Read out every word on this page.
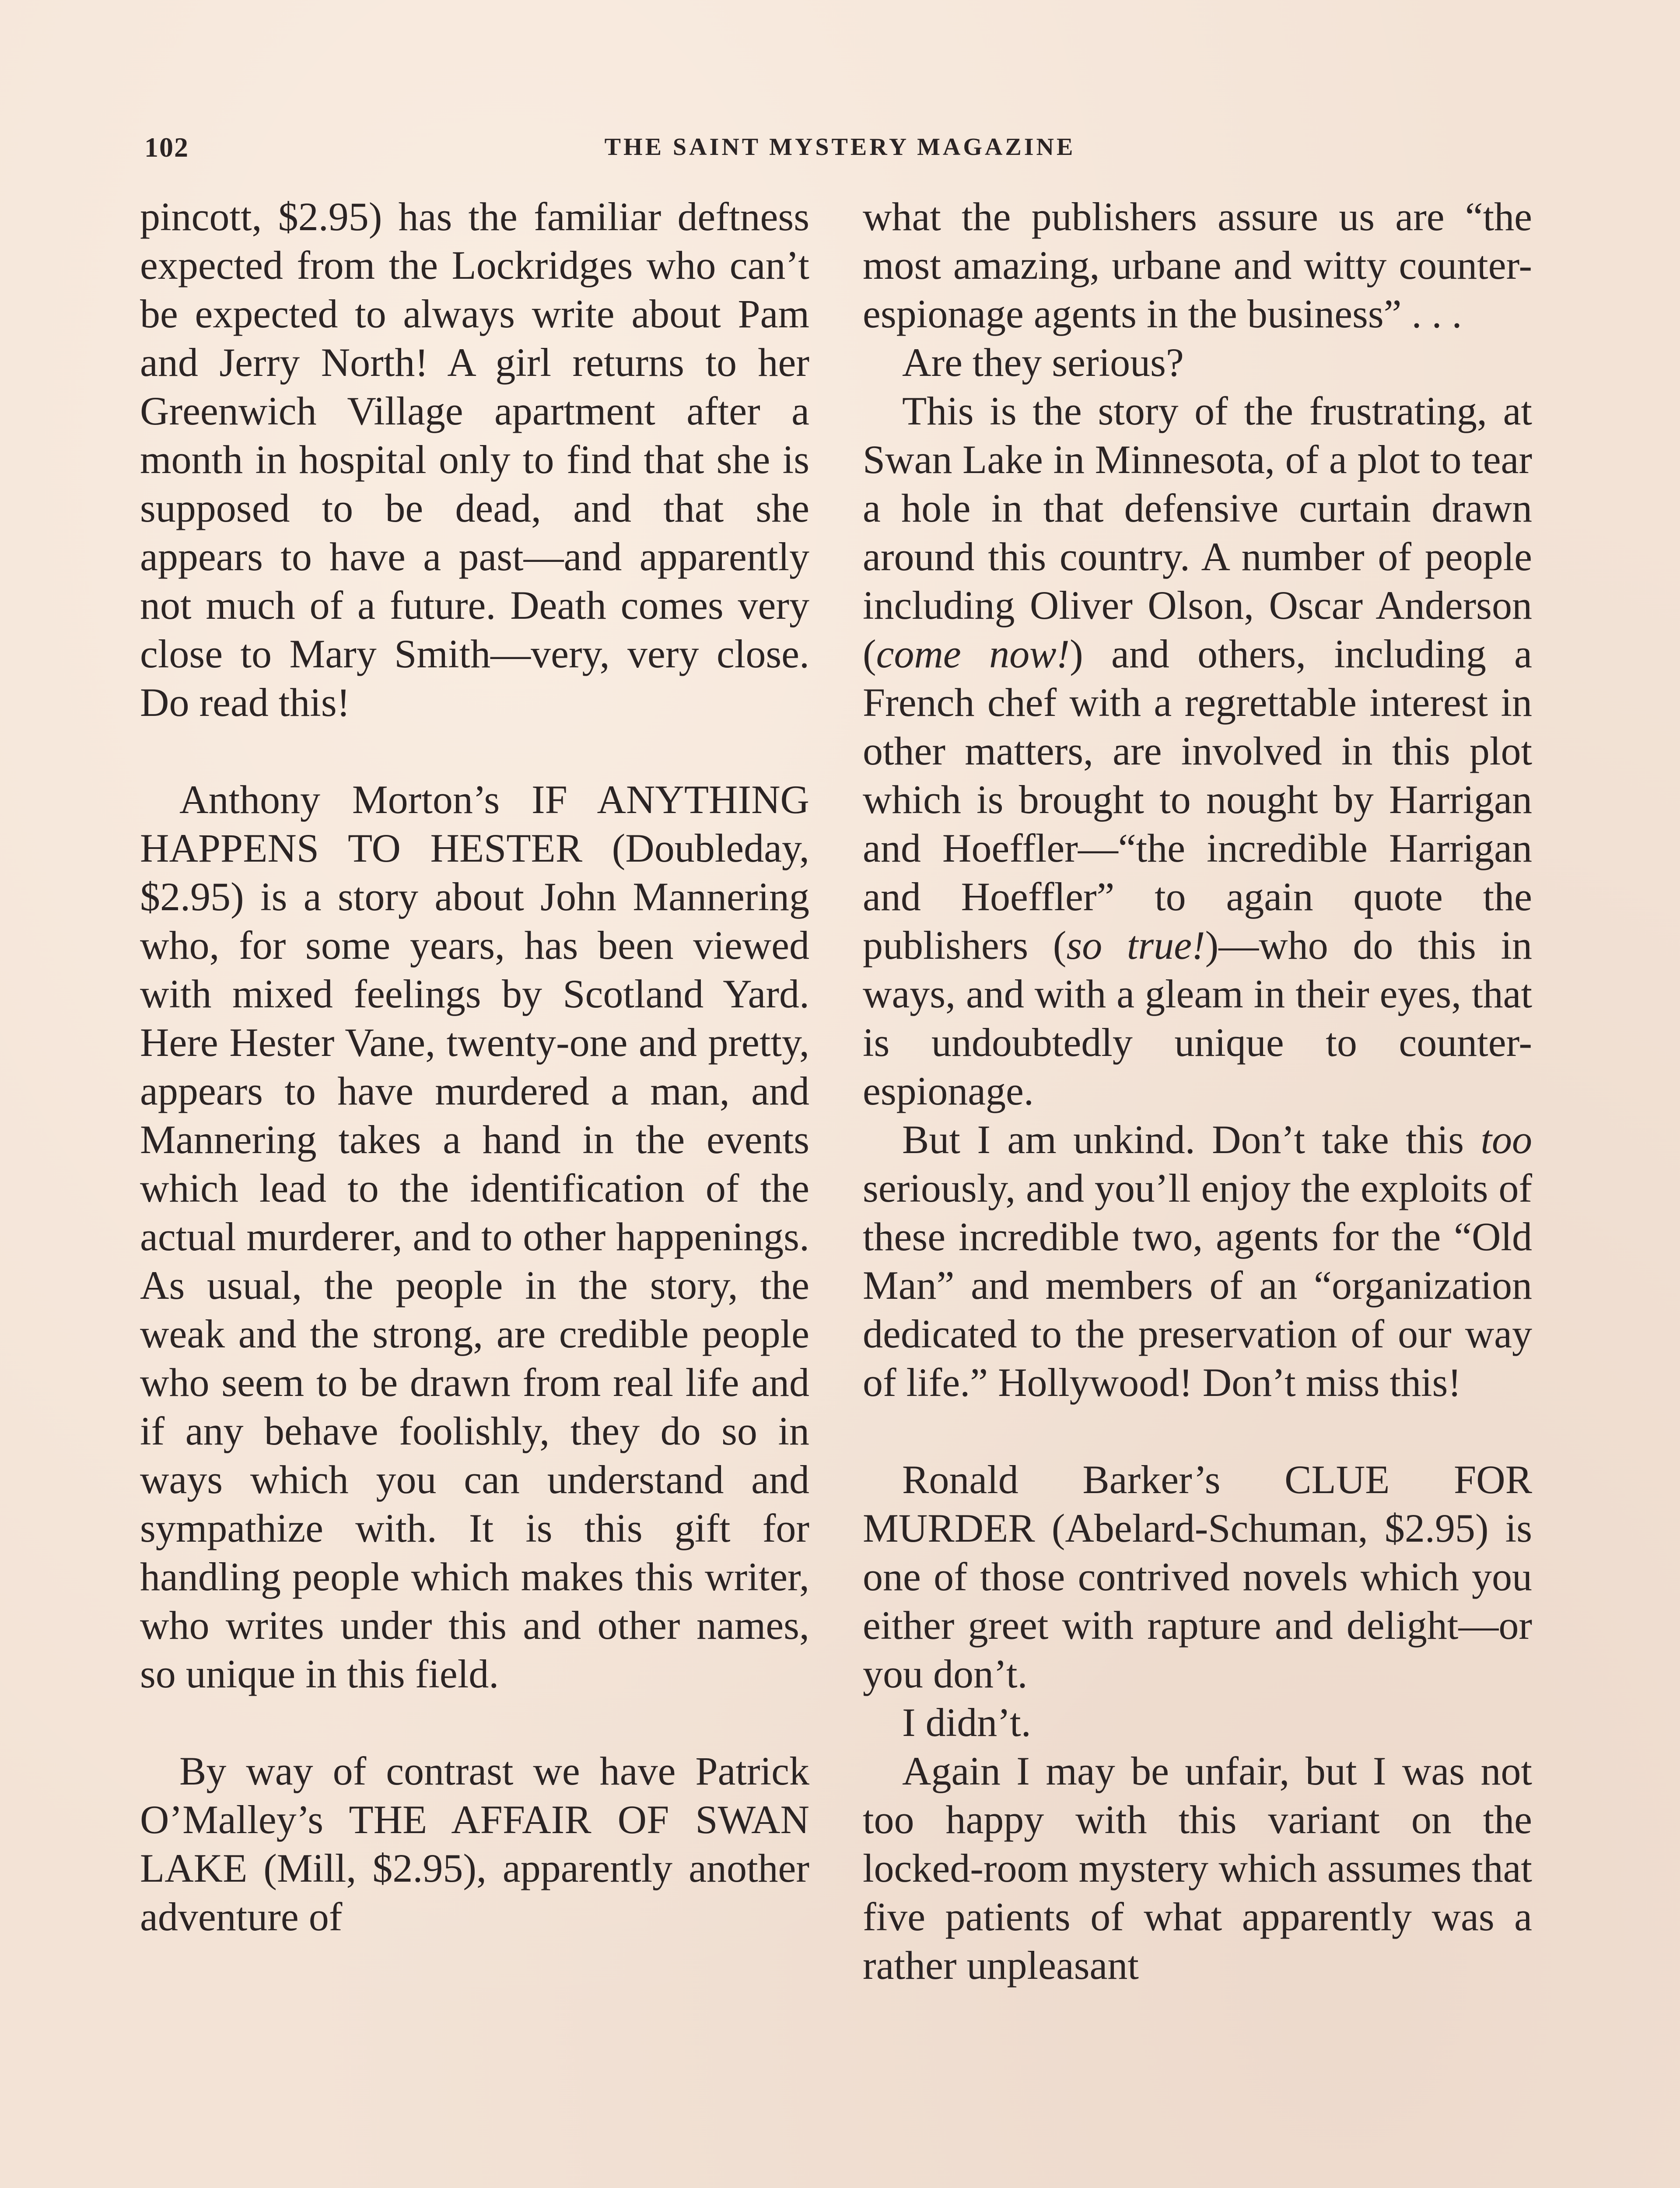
102	THE SAINT MYSTERY MAGAZINE

pincott, $2.95) has the familiar deftness expected from the Lockridges who can’t be expected to always write about Pam and Jerry North! A girl returns to her Greenwich Village apartment after a month in hospital only to find that she is supposed to be dead, and that she appears to have a past—and apparently not much of a future. Death comes very close to Mary Smith—very, very close. Do read this!

Anthony Morton’s IF ANYTHING HAPPENS TO HESTER (Doubleday, $2.95) is a story about John Mannering who, for some years, has been viewed with mixed feelings by Scotland Yard. Here Hester Vane, twenty-one and pretty, appears to have murdered a man, and Mannering takes a hand in the events which lead to the identification of the actual murderer, and to other happenings. As usual, the people in the story, the weak and the strong, are credible people who seem to be drawn from real life and if any behave foolishly, they do so in ways which you can understand and sympathize with. It is this gift for handling people which makes this writer, who writes under this and other names, so unique in this field.

By way of contrast we have Patrick O’Malley’s THE AFFAIR OF SWAN LAKE (Mill, $2.95), apparently another adventure of

what the publishers assure us are “the most amazing, urbane and witty counter-espionage agents in the business” . . .

Are they serious?

This is the story of the frustrating, at Swan Lake in Minnesota, of a plot to tear a hole in that defensive curtain drawn around this country. A number of people including Oliver Olson, Oscar Anderson (come now!) and others, including a French chef with a regrettable interest in other matters, are involved in this plot which is brought to nought by Harrigan and Hoeffler—“the incredible Harrigan and Hoeffler” to again quote the publishers (so true!)—who do this in ways, and with a gleam in their eyes, that is undoubtedly unique to counter-espionage.

But I am unkind. Don’t take this too seriously, and you’ll enjoy the exploits of these incredible two, agents for the “Old Man” and members of an “organization dedicated to the preservation of our way of life.” Hollywood! Don’t miss this!

Ronald Barker’s CLUE FOR MURDER (Abelard-Schuman, $2.95) is one of those contrived novels which you either greet with rapture and delight—or you don’t.

I didn’t.

Again I may be unfair, but I was not too happy with this variant on the locked-room mystery which assumes that five patients of what apparently was a rather unpleasant
